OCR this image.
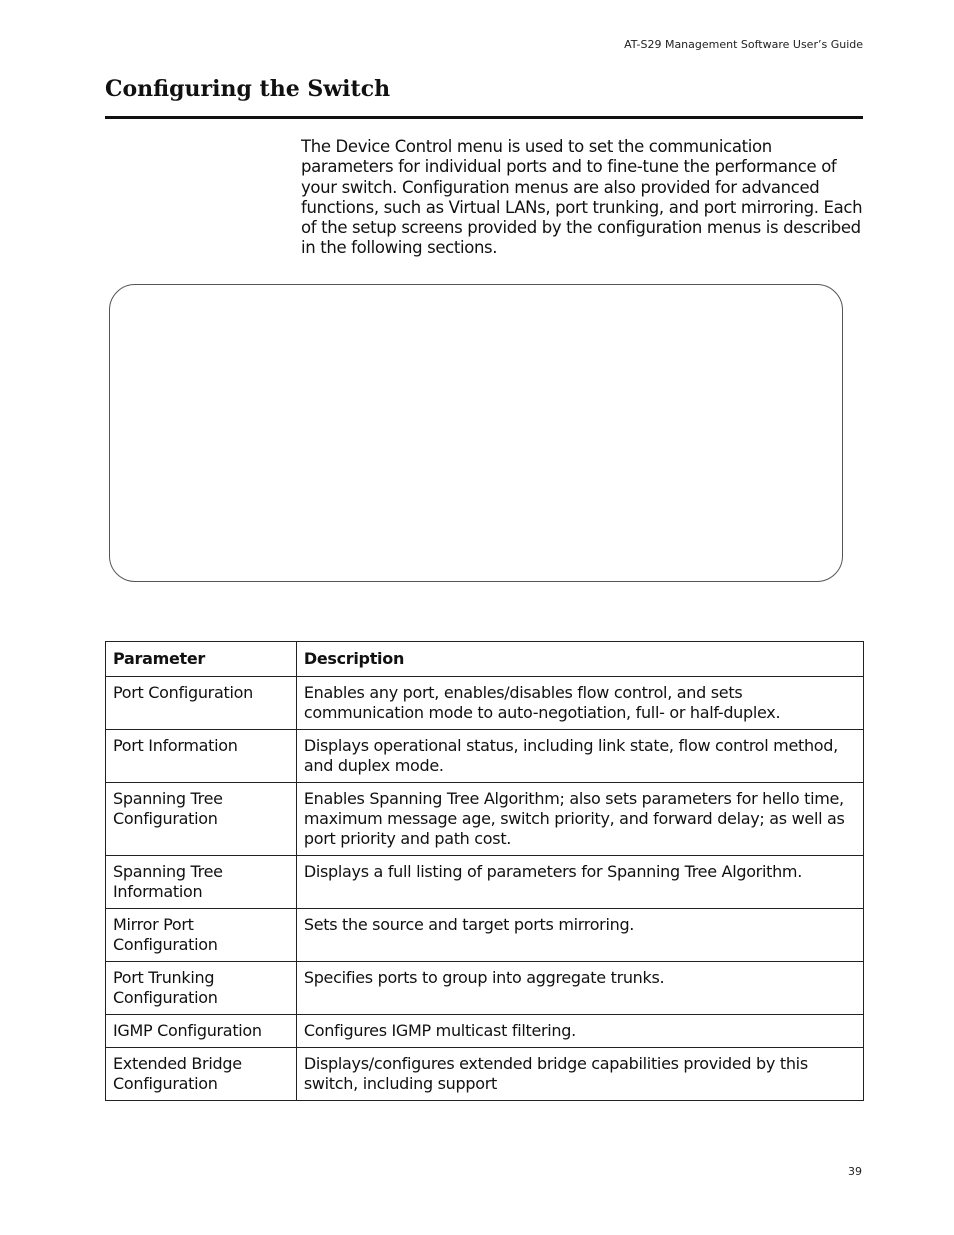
AT-S29 Management Software User’s Guide
Configuring the Switch

The Device Control menu is used to set the communication parameters for individual ports and to fine-tune the performance of your switch. Configuration menus are also provided for advanced functions, such as Virtual LANs, port trunking, and port mirroring. Each of the setup screens provided by the configuration menus is described in the following sections.

Parameter	Description
Port Configuration	Enables any port, enables/disables flow control, and sets communication mode to auto-negotiation, full- or half-duplex.
Port Information	Displays operational status, including link state, flow control method, and duplex mode.
Spanning Tree Configuration	Enables Spanning Tree Algorithm; also sets parameters for hello time, maximum message age, switch priority, and forward delay; as well as port priority and path cost.
Spanning Tree Information	Displays a full listing of parameters for Spanning Tree Algorithm.
Mirror Port Configuration	Sets the source and target ports mirroring.
Port Trunking Configuration	Specifies ports to group into aggregate trunks.
IGMP Configuration	Configures IGMP multicast filtering.
Extended Bridge Configuration	Displays/configures extended bridge capabilities provided by this switch, including support
39
